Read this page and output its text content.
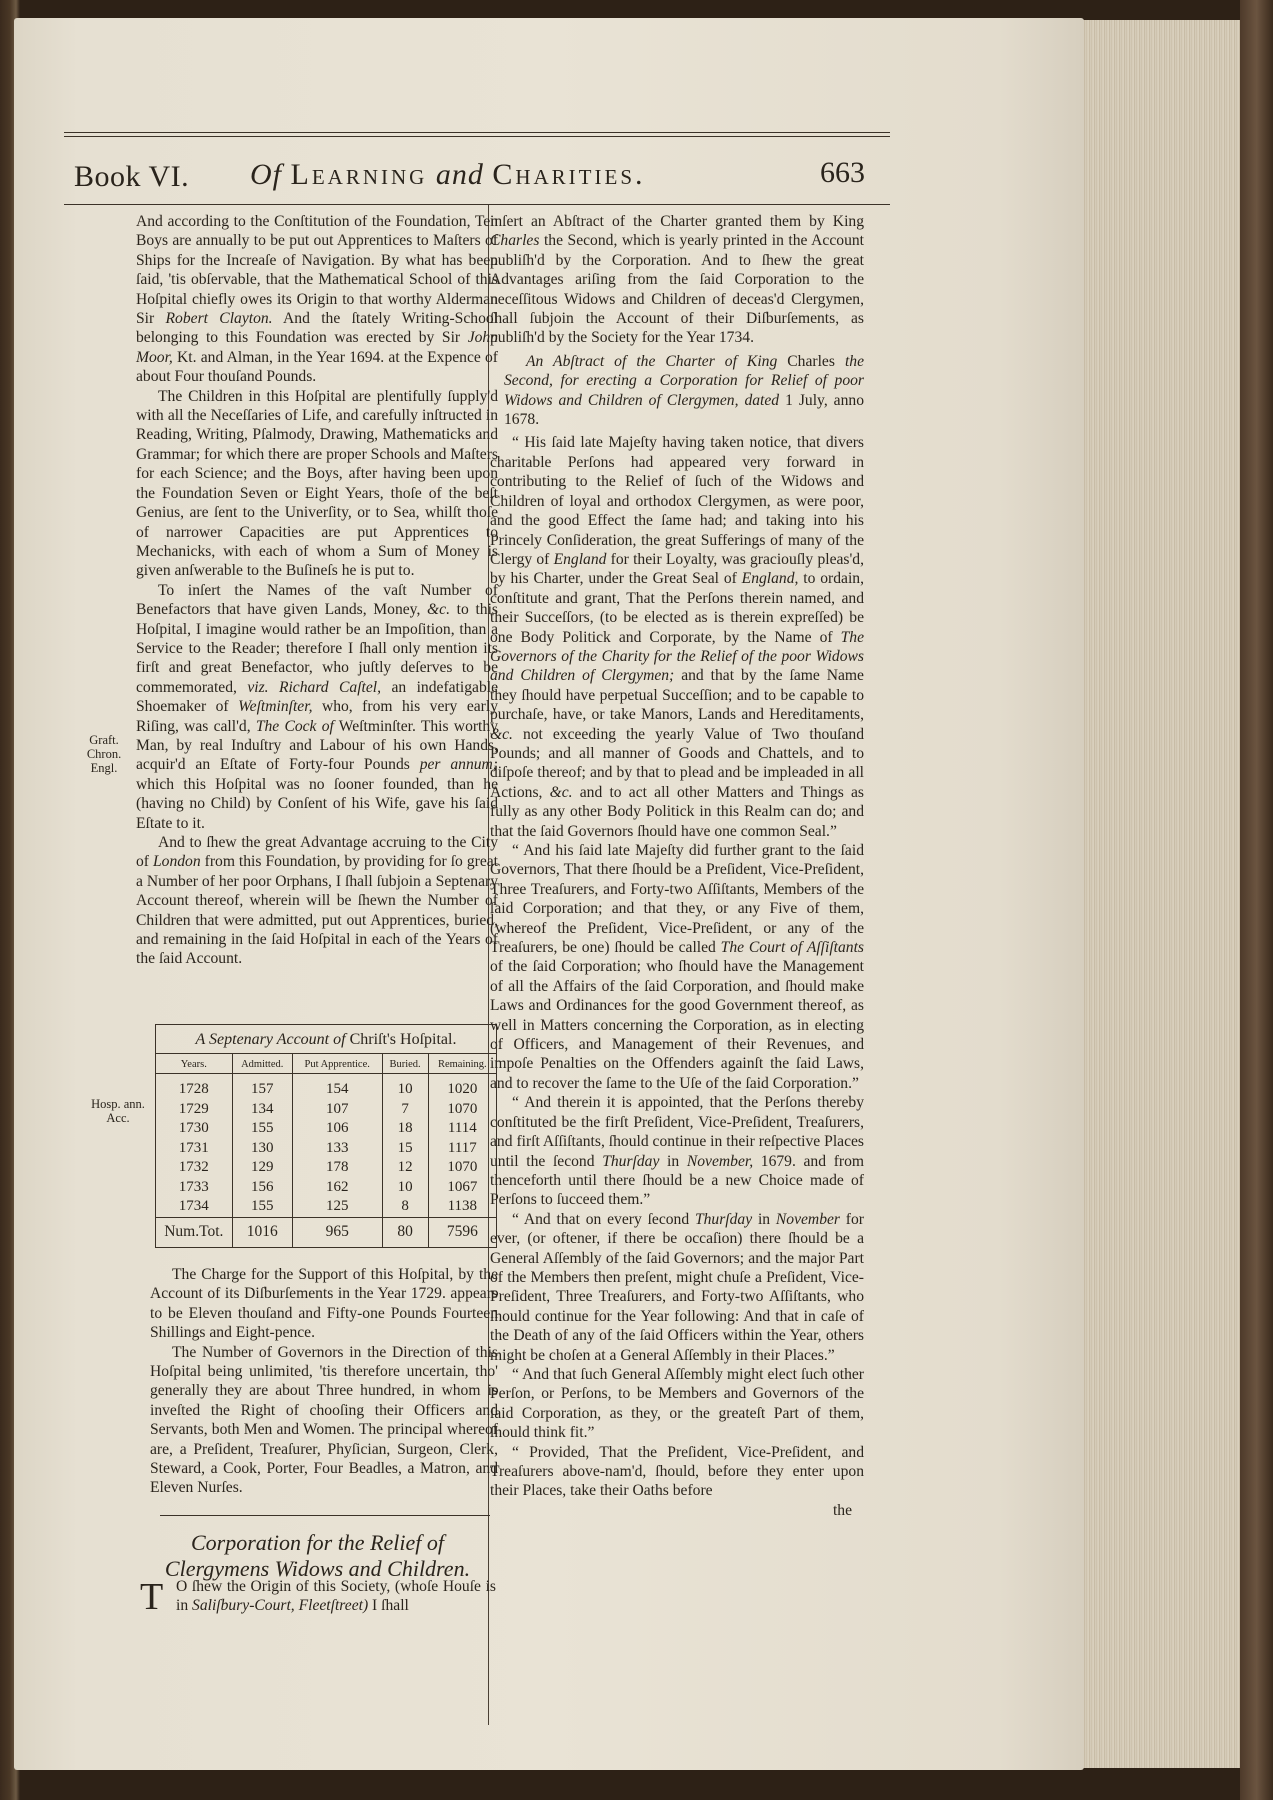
Book VI. Of Learning and Charities.	663
Graft.
Chron.
Engl.
Hosp. ann.
Acc.

And according to the Conſtitution of the Foundation, Ten Boys are annually to be put out Apprentices to Maſters of Ships for the Increaſe of Navigation. By what has been ſaid, 'tis obſervable, that the Mathematical School of this Hoſpital chiefly owes its Origin to that worthy Alderman Sir Robert Clayton. And the ſtately Writing-School belonging to this Foundation was erected by Sir John Moor, Kt. and Alman, in the Year 1694. at the Expence of about Four thouſand Pounds.

The Children in this Hoſpital are plentifully ſupply'd with all the Neceſſaries of Life, and carefully inſtructed in Reading, Writing, Pſalmody, Drawing, Mathematicks and Grammar; for which there are proper Schools and Maſters for each Science; and the Boys, after having been upon the Foundation Seven or Eight Years, thoſe of the beſt Genius, are ſent to the Univerſity, or to Sea, whilſt thoſe of narrower Capacities are put Apprentices to Mechanicks, with each of whom a Sum of Money is given anſwerable to the Buſineſs he is put to.

To inſert the Names of the vaſt Number of Benefactors that have given Lands, Money, &c. to this Hoſpital, I imagine would rather be an Impoſition, than a Service to the Reader; therefore I ſhall only mention its firſt and great Benefactor, who juſtly deſerves to be commemorated, viz. Richard Caſtel, an indefatigable Shoemaker of Weſtminſter, who, from his very early Riſing, was call'd, The Cock of Weſtminſter. This worthy Man, by real Induſtry and Labour of his own Hands, acquir'd an Eſtate of Forty-four Pounds per annum; which this Hoſpital was no ſooner founded, than he (having no Child) by Conſent of his Wife, gave his ſaid Eſtate to it.

And to ſhew the great Advantage accruing to the City of London from this Foundation, by providing for ſo great a Number of her poor Orphans, I ſhall ſubjoin a Septenary Account thereof, wherein will be ſhewn the Number of Children that were admitted, put out Apprentices, buried, and remaining in the ſaid Hoſpital in each of the Years of the ſaid Account.

A Septenary Account of Chriſt's Hoſpital.
Years.	Admitted.	Put Apprentice.	Buried.	Remaining.
1728	157	154	10	1020
1729	134	107	7	1070
1730	155	106	18	1114
1731	130	133	15	1117
1732	129	178	12	1070
1733	156	162	10	1067
1734	155	125	8	1138
Num.Tot.	1016	965	80	7596

The Charge for the Support of this Hoſpital, by the Account of its Diſburſements in the Year 1729. appears to be Eleven thouſand and Fifty-one Pounds Fourteen Shillings and Eight-pence.

The Number of Governors in the Direction of this Hoſpital being unlimited, 'tis therefore uncertain, tho' generally they are about Three hundred, in whom is inveſted the Right of chooſing their Officers and Servants, both Men and Women. The principal whereof are, a Preſident, Treaſurer, Phyſician, Surgeon, Clerk, Steward, a Cook, Porter, Four Beadles, a Matron, and Eleven Nurſes.

Corporation for the Relief of Clergymens Widows and Children.
T O ſhew the Origin of this Society, (whoſe Houſe is in Saliſbury-Court, Fleetſtreet) I ſhall

inſert an Abſtract of the Charter granted them by King Charles the Second, which is yearly printed in the Account publiſh'd by the Corporation. And to ſhew the great Advantages ariſing from the ſaid Corporation to the neceſſitous Widows and Children of deceas'd Clergymen, ſhall ſubjoin the Account of their Diſburſements, as publiſh'd by the Society for the Year 1734.

An Abſtract of the Charter of King Charles the Second, for erecting a Corporation for Relief of poor Widows and Children of Clergymen, dated 1 July, anno 1678.

“ His ſaid late Majeſty having taken notice, that divers charitable Perſons had appeared very forward in contributing to the Relief of ſuch of the Widows and Children of loyal and orthodox Clergymen, as were poor, and the good Effect the ſame had; and taking into his Princely Conſideration, the great Sufferings of many of the Clergy of England for their Loyalty, was graciouſly pleas'd, by his Charter, under the Great Seal of England, to ordain, conſtitute and grant, That the Perſons therein named, and their Succeſſors, (to be elected as is therein expreſſed) be one Body Politick and Corporate, by the Name of The Governors of the Charity for the Relief of the poor Widows and Children of Clergymen; and that by the ſame Name they ſhould have perpetual Succeſſion; and to be capable to purchaſe, have, or take Manors, Lands and Hereditaments, &c. not exceeding the yearly Value of Two thouſand Pounds; and all manner of Goods and Chattels, and to diſpoſe thereof; and by that to plead and be impleaded in all Actions, &c. and to act all other Matters and Things as fully as any other Body Politick in this Realm can do; and that the ſaid Governors ſhould have one common Seal.”

“ And his ſaid late Majeſty did further grant to the ſaid Governors, That there ſhould be a Preſident, Vice-Preſident, Three Treaſurers, and Forty-two Aſſiſtants, Members of the ſaid Corporation; and that they, or any Five of them, (whereof the Preſident, Vice-Preſident, or any of the Treaſurers, be one) ſhould be called The Court of Aſſiſtants of the ſaid Corporation; who ſhould have the Management of all the Affairs of the ſaid Corporation, and ſhould make Laws and Ordinances for the good Government thereof, as well in Matters concerning the Corporation, as in electing of Officers, and Management of their Revenues, and impoſe Penalties on the Offenders againſt the ſaid Laws, and to recover the ſame to the Uſe of the ſaid Corporation.”

“ And therein it is appointed, that the Perſons thereby conſtituted be the firſt Preſident, Vice-Preſident, Treaſurers, and firſt Aſſiſtants, ſhould continue in their reſpective Places until the ſecond Thurſday in November, 1679. and from thenceforth until there ſhould be a new Choice made of Perſons to ſucceed them.”

“ And that on every ſecond Thurſday in November for ever, (or oftener, if there be occaſion) there ſhould be a General Aſſembly of the ſaid Governors; and the major Part of the Members then preſent, might chuſe a Preſident, Vice-Preſident, Three Treaſurers, and Forty-two Aſſiſtants, who ſhould continue for the Year following: And that in caſe of the Death of any of the ſaid Officers within the Year, others might be choſen at a General Aſſembly in their Places.”

“ And that ſuch General Aſſembly might elect ſuch other Perſon, or Perſons, to be Members and Governors of the ſaid Corporation, as they, or the greateſt Part of them, ſhould think fit.”

“ Provided, That the Preſident, Vice-Preſident, and Treaſurers above-nam'd, ſhould, before they enter upon their Places, take their Oaths before

the
